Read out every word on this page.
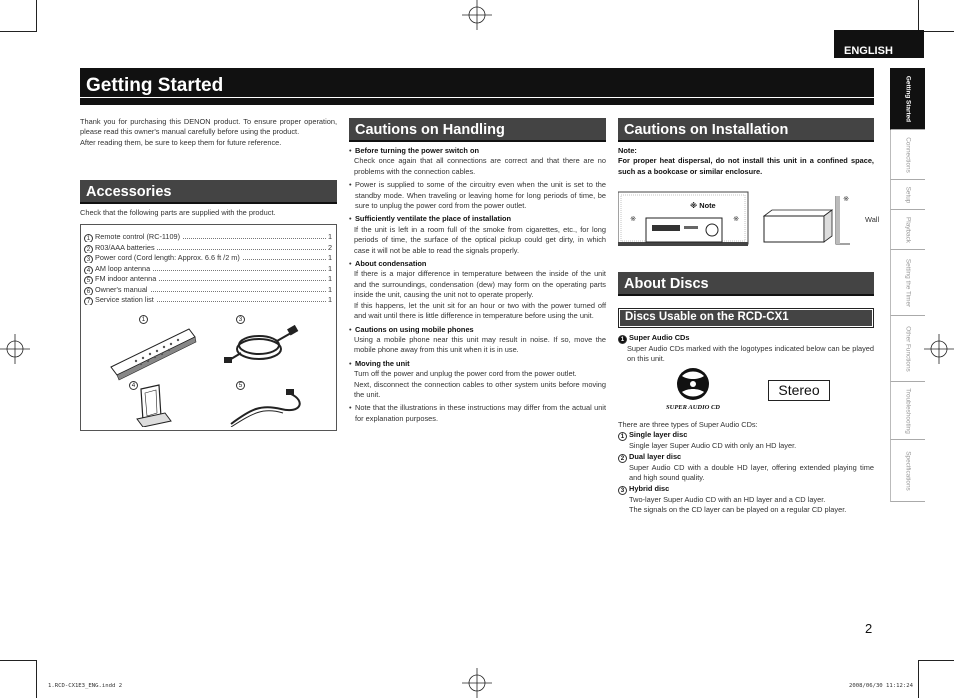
ENGLISH
Getting Started
Thank you for purchasing this DENON product. To ensure proper operation, please read this owner's manual carefully before using the product.
After reading them, be sure to keep them for future reference.
Accessories
Check that the following parts are supplied with the product.
1 Remote control (RC-1109)	1
2 R03/AAA batteries	2
3 Power cord (Cord length: Approx. 6.6 ft /2 m)	1
4 AM loop antenna	1
5 FM indoor antenna	1
6 Owner's manual	1
7 Service station list	1
1	3
4	5
Cautions on Handling
• Before turning the power switch on
Check once again that all connections are correct and that there are no problems with the connection cables.
• Power is supplied to some of the circuitry even when the unit is set to the standby mode. When traveling or leaving home for long periods of time, be sure to unplug the power cord from the power outlet.
• Sufficiently ventilate the place of installation
If the unit is left in a room full of the smoke from cigarettes, etc., for long periods of time, the surface of the optical pickup could get dirty, in which case it will not be able to read the signals properly.
• About condensation
If there is a major difference in temperature between the inside of the unit and the surroundings, condensation (dew) may form on the operating parts inside the unit, causing the unit not to operate properly.
If this happens, let the unit sit for an hour or two with the power turned off and wait until there is little difference in temperature before using the unit.
• Cautions on using mobile phones
Using a mobile phone near this unit may result in noise. If so, move the mobile phone away from this unit when it is in use.
• Moving the unit
Turn off the power and unplug the power cord from the power outlet.
Next, disconnect the connection cables to other system units before moving the unit.
• Note that the illustrations in these instructions may differ from the actual unit for explanation purposes.
Cautions on Installation
Note:
For proper heat dispersal, do not install this unit in a confined space, such as a bookcase or similar enclosure.
※ Note
※	※
※
Wall
About Discs
Discs Usable on the RCD-CX1
1 Super Audio CDs
Super Audio CDs marked with the logotypes indicated below can be played on this unit.
SUPER AUDIO CD
Stereo
There are three types of Super Audio CDs:
1 Single layer disc
Single layer Super Audio CD with only an HD layer.
2 Dual layer disc
Super Audio CD with a double HD layer, offering extended playing time and high sound quality.
3 Hybrid disc
Two-layer Super Audio CD with an HD layer and a CD layer.
The signals on the CD layer can be played on a regular CD player.
Getting Started
Connections
Setup
Playback
Setting the Timer
Other Functions
Troubleshooting
Specifications
2
1.RCD-CX1E3_ENG.indd 2	2008/06/30 11:12:24
